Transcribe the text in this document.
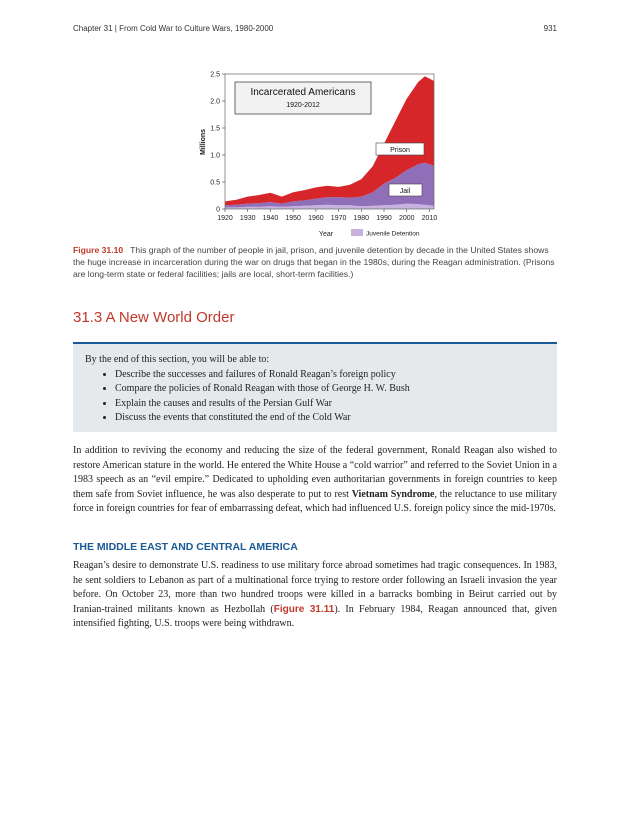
Chapter 31 | From Cold War to Culture Wars, 1980-2000	931
0
0.5
1.0
1.5
2.0
2.5
1920 1930 1940 1950 1960 1970 1980 1990 2000 2010
Millions
Year	Juvenile Detention
Incarcerated Americans
1920-2012
Prison
Jail
Figure 31.10 This graph of the number of people in jail, prison, and juvenile detention by decade in the United States shows the huge increase in incarceration during the war on drugs that began in the 1980s, during the Reagan administration. (Prisons are long-term state or federal facilities; jails are local, short-term facilities.)
31.3 A New World Order
By the end of this section, you will be able to:
• Describe the successes and failures of Ronald Reagan’s foreign policy
• Compare the policies of Ronald Reagan with those of George H. W. Bush
• Explain the causes and results of the Persian Gulf War
• Discuss the events that constituted the end of the Cold War
In addition to reviving the economy and reducing the size of the federal government, Ronald Reagan also wished to restore American stature in the world. He entered the White House a “cold warrior” and referred to the Soviet Union in a 1983 speech as an “evil empire.” Dedicated to upholding even authoritarian governments in foreign countries to keep them safe from Soviet influence, he was also desperate to put to rest Vietnam Syndrome, the reluctance to use military force in foreign countries for fear of embarrassing defeat, which had influenced U.S. foreign policy since the mid-1970s.
THE MIDDLE EAST AND CENTRAL AMERICA
Reagan’s desire to demonstrate U.S. readiness to use military force abroad sometimes had tragic consequences. In 1983, he sent soldiers to Lebanon as part of a multinational force trying to restore order following an Israeli invasion the year before. On October 23, more than two hundred troops were killed in a barracks bombing in Beirut carried out by Iranian-trained militants known as Hezbollah (Figure 31.11). In February 1984, Reagan announced that, given intensified fighting, U.S. troops were being withdrawn.
